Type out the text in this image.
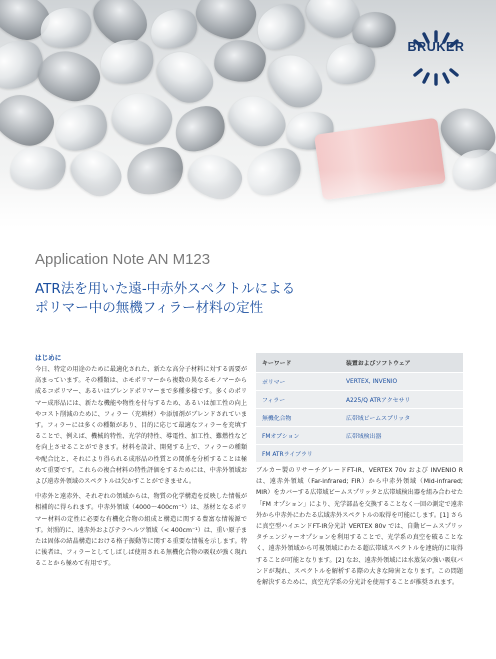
BRUKER
Application Note AN M123
ATR法を用いた遠-中赤外スペクトルによる
ポリマー中の無機フィラー材料の定性
はじめに

今日、特定の用途のために最適化された、新たな高分子材料に対する需要が高まっています。その種類は、ホモポリマーから複数の異なるモノマーから成るコポリマー、あるいはブレンドポリマーまで多種多様です。多くのポリマー成形品には、新たな機能や物性を付与するため、あるいは加工性の向上やコスト削減のために、フィラー（充填材）や添加剤がブレンドされています。フィラーには多くの種類があり、目的に応じて最適なフィラーを充填することで、例えば、機械的特性、光学的特性、導電性、加工性、難燃性などを向上させることができます。材料を設計、開発する上で、フィラーの種類や配合比と、それにより得られる成形品の性質との関係を分析することは極めて重要です。これらの複合材料の特性評価をするためには、中赤外領域および遠赤外領域のスペクトルは欠かすことができません。

中赤外と遠赤外、それぞれの領域からは、物質の化学構造を反映した情報が相補的に得られます。中赤外領域（4000～400cm⁻¹）は、基材となるポリマー材料の定性に必要な有機化合物の組成と構造に関する豊富な情報源です。対照的に、遠赤外およびテラヘルツ領域（< 400cm⁻¹）は、重い原子または固体の結晶構造における格子振動等に関する重要な情報を示します。特に後者は、フィラーとしてしばしば使用される無機化合物の吸収が強く現れることから極めて有用です。

キーワード	装置およびソフトウェア
ポリマー	VERTEX, INVENIO
フィラー	A225/Q ATRアクセサリ
無機化合物	広帯域ビームスプリッタ
FMオプション	広帯域検出器
FM ATRライブラリ
ブルカー製のリサーチグレードFT-IR、VERTEX 70v および INVENIO R は、遠赤外領域（Far-infrared; FIR）から中赤外領域（Mid-infrared; MIR）をカバーする広帯域ビームスプリッタと広帯域検出器を組み合わせた「FM オプション」により、光学部品を交換することなく一回の測定で遠赤外から中赤外にわたる広域赤外スペクトルの取得を可能にします。[1] さらに真空型ハイエンドFT-IR分光計 VERTEX 80v では、自動ビームスプリッタチェンジャーオプションを利用することで、光学系の真空を破ることなく、遠赤外領域から可視領域にわたる超広帯域スペクトルを連続的に取得することが可能となります。[2] なお、遠赤外領域には水蒸気の強い吸収バンドが現れ、スペクトルを解析する際の大きな障害となります。この問題を解決するために、真空光学系の分光計を使用することが推奨されます。
